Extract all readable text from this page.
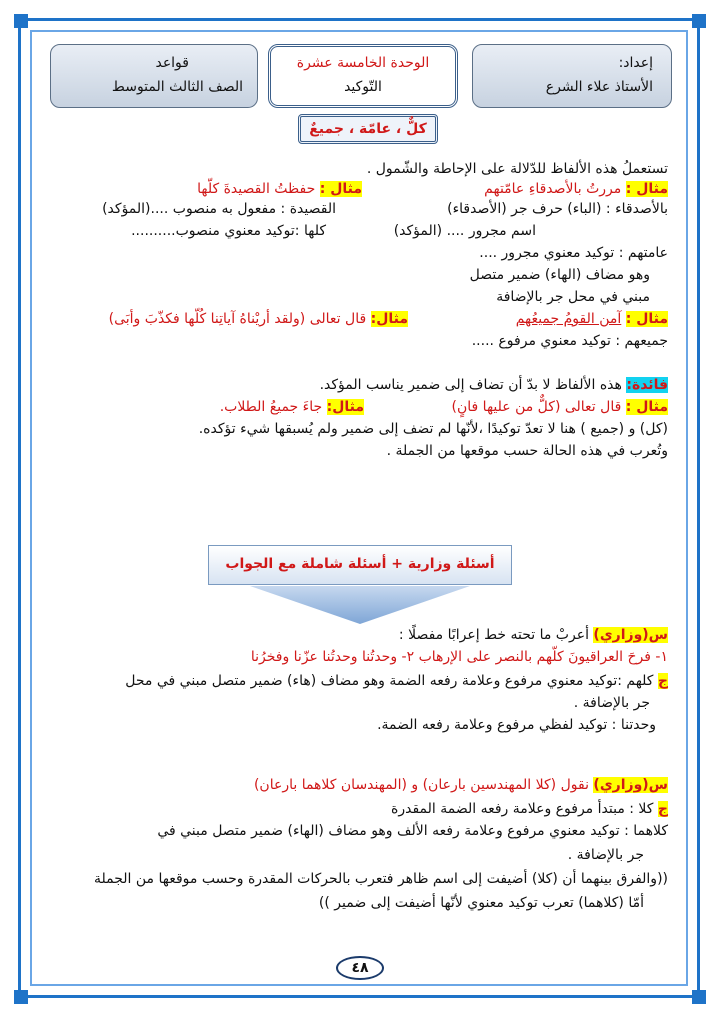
إعداد:
الأستاذ علاء الشرع
الوحدة الخامسة عشرة
التّوكيد
قواعد
الصف الثالث المتوسط
كلٌّ ، عامّة ، جميعٌ
تستعملُ هذه الألفاظ للدّلالة على الإحاطة والشّمول .
مثال : مررتُ بالأصدقاءِ عامّتهم
مثال : حفظتُ القصيدةَ كلّها
بالأصدقاء : (الباء) حرف جر (الأصدقاء)
القصيدة : مفعول به منصوب ....(المؤكد)
اسم مجرور .... (المؤكد)
كلها :توكيد معنوي منصوب..........
عامتهم : توكيد معنوي مجرور ....
وهو مضاف (الهاء) ضمير متصل
مبني في محل جر بالإضافة
مثال : آمن القومُ جميعُهم
مثال: قال تعالى (ولقد أريْناهُ آياتِنا كُلّها فكذّبَ وأبَى)
جميعهم : توكيد معنوي مرفوع .....
فائدة: هذه الألفاظ لا بدّ أن تضاف إلى ضمير يناسب المؤكد.
مثال : قال تعالى (كلٌّ من عليها فانٍ)
مثال: جاءَ جميعُ الطلاب.
(كل) و (جميع ) هنا لا تعدّ توكيدًا ،لأنّها لم تضف إلى ضمير ولم يُسبقها شيء تؤكده.
وتُعرب في هذه الحالة حسب موقعها من الجملة .
أسئلة وزارية + أسئلة شاملة مع الجواب
س(وزاري) أعربْ ما تحته خط إعرابًا مفصلًا :
١- فرحَ العراقيونَ كلّهم بالنصر على الإرهاب ٢- وحدتُنا وحدتُنا عزّنا وفخرُنا
ج كلهم :توكيد معنوي مرفوع وعلامة رفعه الضمة وهو مضاف (هاء) ضمير متصل مبني في محل
جر بالإضافة .
وحدتنا : توكيد لفظي مرفوع وعلامة رفعه الضمة.
س(وزاري) نقول (كلا المهندسين بارعان) و (المهندسان كلاهما بارعان)
ج كلا : مبتدأ مرفوع وعلامة رفعه الضمة المقدرة
كلاهما : توكيد معنوي مرفوع وعلامة رفعه الألف وهو مضاف (الهاء) ضمير متصل مبني في
جر بالإضافة .
((والفرق بينهما أن (كلا) أضيفت إلى اسم ظاهر فتعرب بالحركات المقدرة وحسب موقعها من الجملة
أمّا (كلاهما) تعرب توكيد معنوي لأنّها أضيفت إلى ضمير ))
٤٨
